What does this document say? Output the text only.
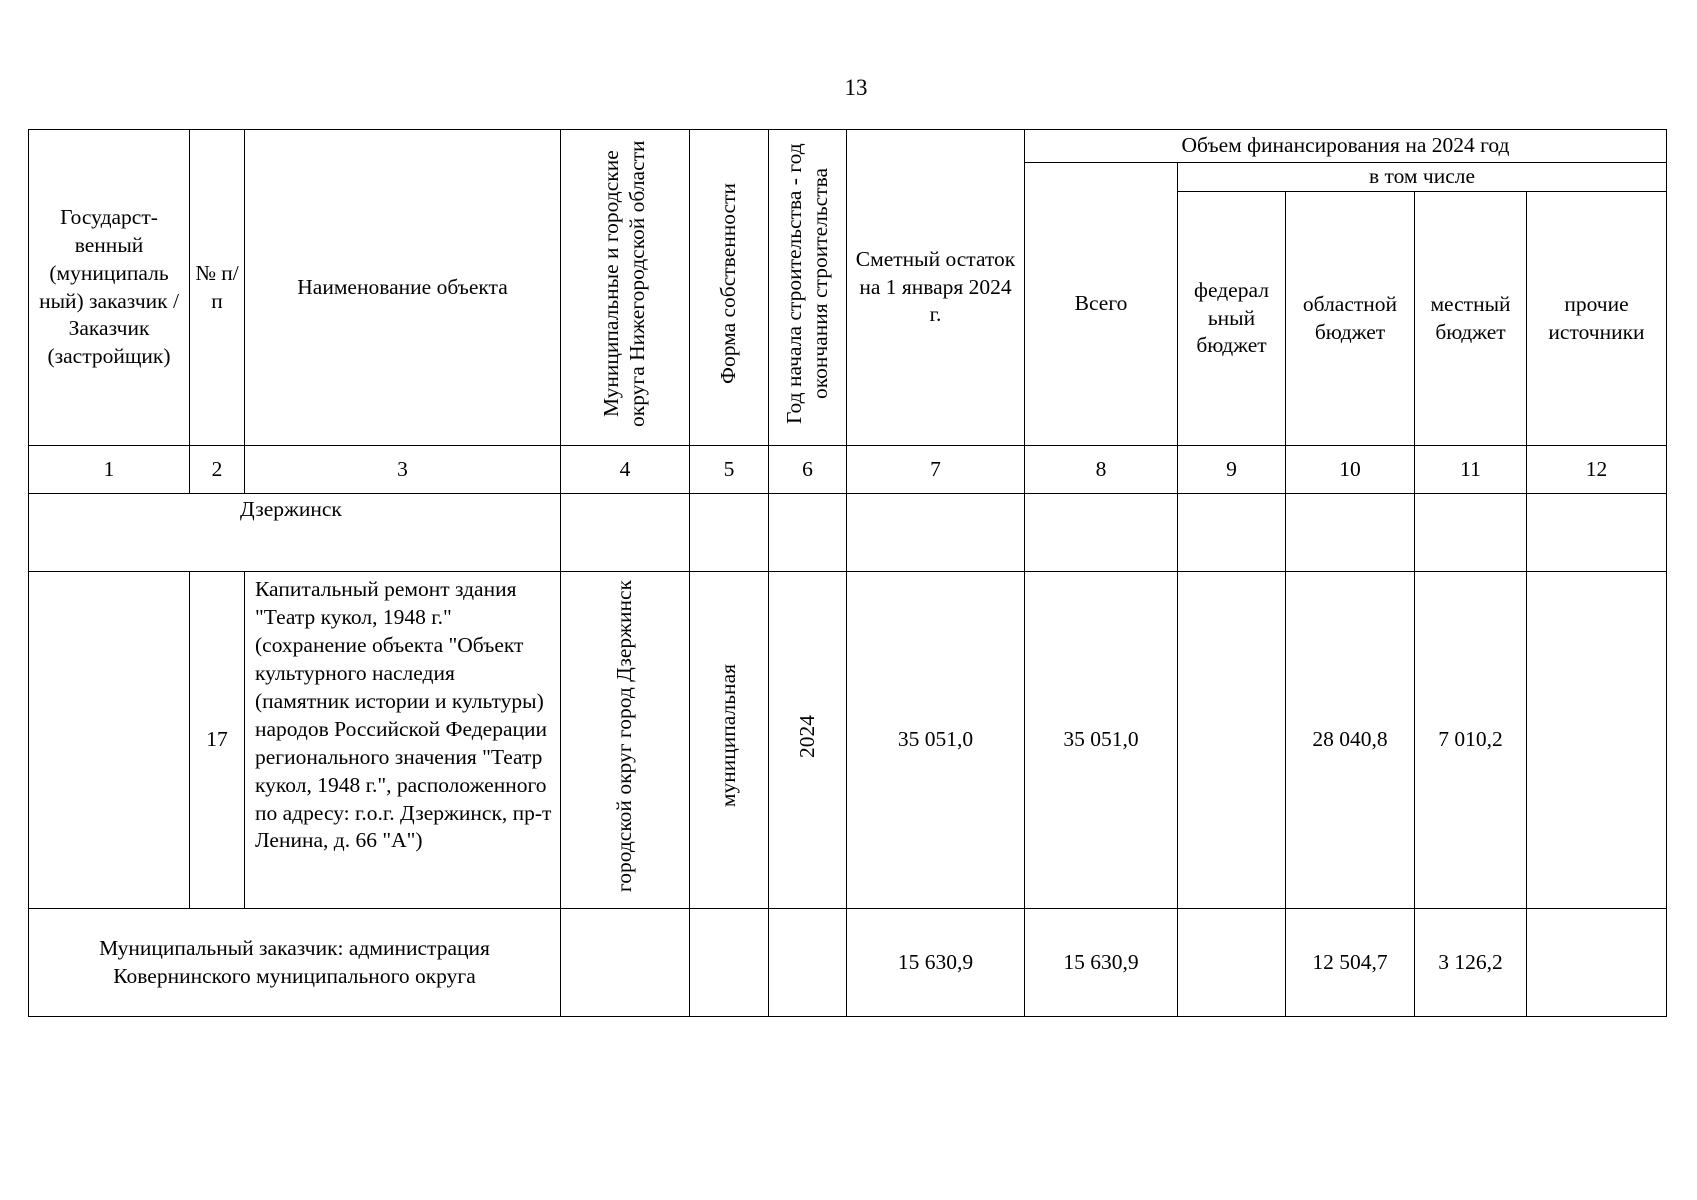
13
Государст-венный (муниципаль ный) заказчик / Заказчик (застройщик)	№ п/п	Наименование объекта	Муниципальные и городские округа Нижегородской области	Форма собственности	Год начала строительства - год окончания строительства	Сметный остаток на 1 января 2024 г.	Объем финансирования на 2024 год				
							Всего	в том числе			
								федерал ьный бюджет	областной бюджет	местный бюджет	прочие источники
1	2	3	4	5	6	7	8	9	10	11	12
Дзержинск											
	17	Капитальный ремонт здания "Театр кукол, 1948 г." (сохранение объекта "Объект культурного наследия (памятник истории и культуры) народов Российской Федерации регионального значения "Театр кукол, 1948 г.", расположенного по адресу: г.о.г. Дзержинск, пр-т Ленина, д. 66 "А")	городской округ город Дзержинск	муниципальная	2024	35 051,0	35 051,0		28 040,8	7 010,2	
Муниципальный заказчик: администрация Ковернинского муниципального округа						15 630,9	15 630,9		12 504,7	3 126,2	
